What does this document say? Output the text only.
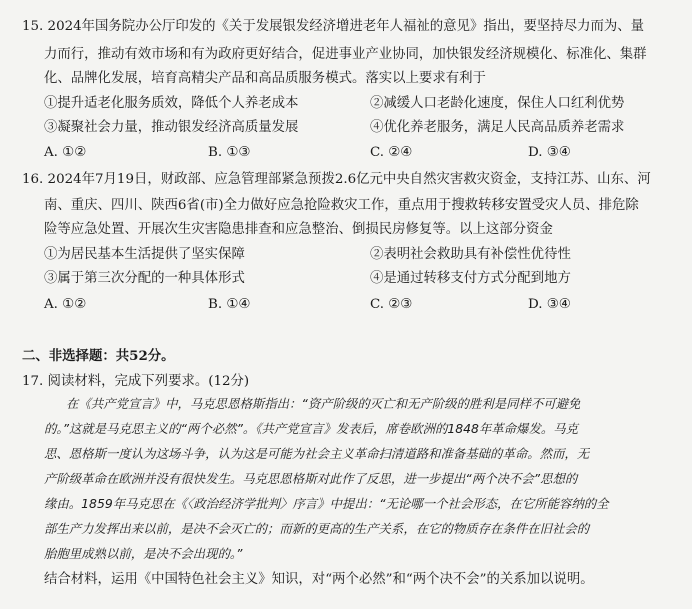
15. 2024年国务院办公厅印发的《关于发展银发经济增进老年人福祉的意见》指出，要坚持尽力而为、量
力而行，推动有效市场和有为政府更好结合，促进事业产业协同，加快银发经济规模化、标准化、集群
化、品牌化发展，培育高精尖产品和高品质服务模式。落实以上要求有利于
①提升适老化服务质效，降低个人养老成本	②减缓人口老龄化速度，保住人口红利优势
③凝聚社会力量，推动银发经济高质量发展	④优化养老服务，满足人民高品质养老需求
A. ①②	B. ①③	C. ②④	D. ③④
16. 2024年7月19日，财政部、应急管理部紧急预拨2.6亿元中央自然灾害救灾资金，支持江苏、山东、河
南、重庆、四川、陕西6省(市)全力做好应急抢险救灾工作，重点用于搜救转移安置受灾人员、排危除
险等应急处置、开展次生灾害隐患排查和应急整治、倒损民房修复等。以上这部分资金
①为居民基本生活提供了坚实保障	②表明社会救助具有补偿性优待性
③属于第三次分配的一种具体形式	④是通过转移支付方式分配到地方
A. ①②	B. ①④	C. ②③	D. ③④
二、非选择题：共52分。
17. 阅读材料，完成下列要求。(12分)
在《共产党宣言》中，马克思恩格斯指出：“资产阶级的灭亡和无产阶级的胜利是同样不可避免
的。”这就是马克思主义的“两个必然”。《共产党宣言》发表后，席卷欧洲的1848年革命爆发。马克
思、恩格斯一度认为这场斗争，认为这是可能为社会主义革命扫清道路和准备基础的革命。然而，无
产阶级革命在欧洲并没有很快发生。马克思恩格斯对此作了反思，进一步提出“两个决不会”思想的
缘由。1859年马克思在《〈政治经济学批判〉序言》中提出：“无论哪一个社会形态，在它所能容纳的全
部生产力发挥出来以前，是决不会灭亡的；而新的更高的生产关系，在它的物质存在条件在旧社会的
胎胞里成熟以前，是决不会出现的。”
结合材料，运用《中国特色社会主义》知识，对“两个必然”和“两个决不会”的关系加以说明。
